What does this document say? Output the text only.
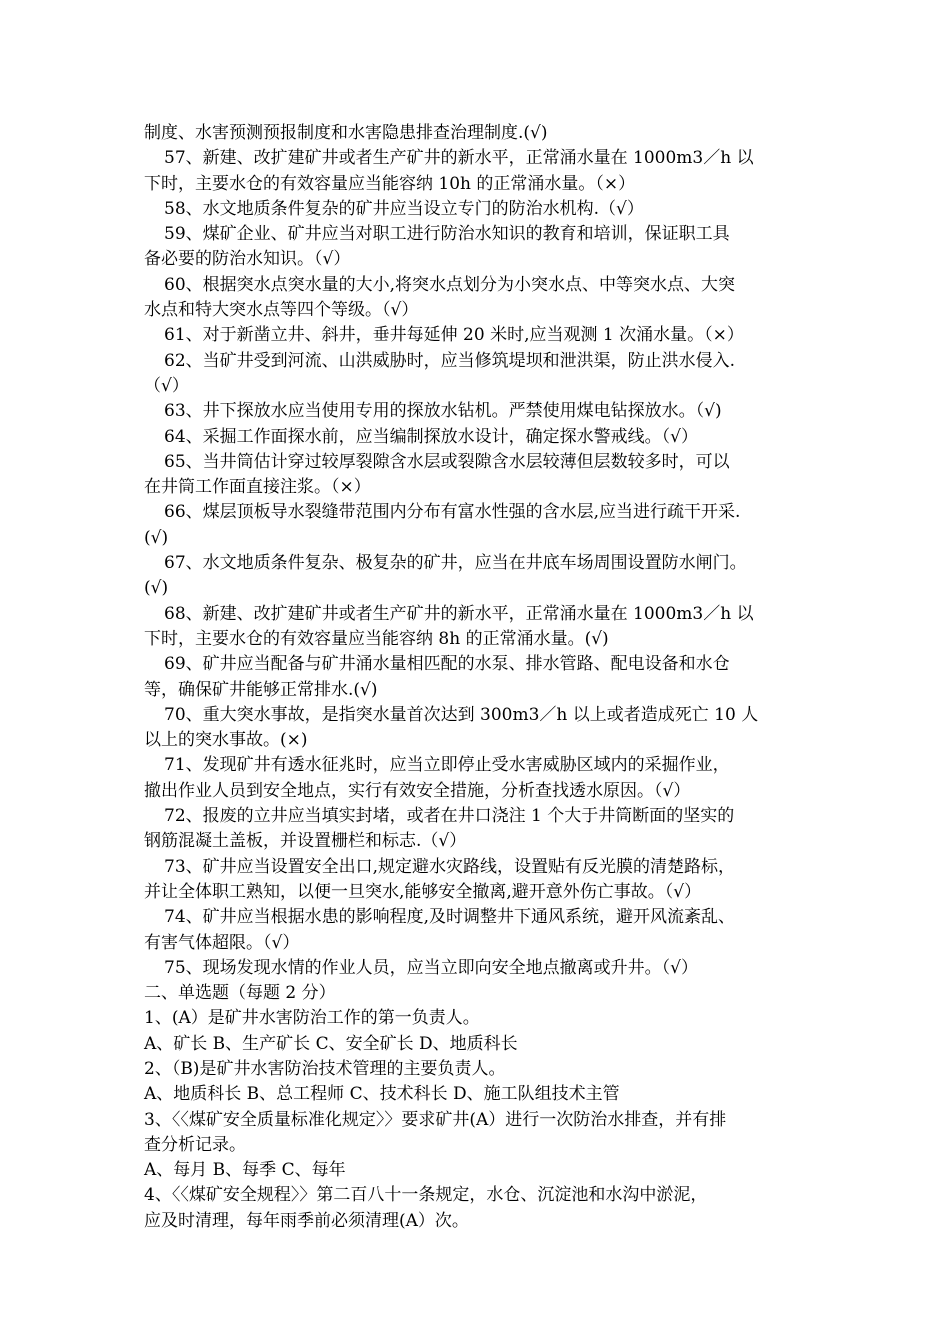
制度、水害预测预报制度和水害隐患排查治理制度.(√)
57、新建、改扩建矿井或者生产矿井的新水平，正常涌水量在 1000m3／h 以
下时，主要水仓的有效容量应当能容纳 10h 的正常涌水量。（×）
58、水文地质条件复杂的矿井应当设立专门的防治水机构.（√）
59、煤矿企业、矿井应当对职工进行防治水知识的教育和培训，保证职工具
备必要的防治水知识。（√）
60、根据突水点突水量的大小,将突水点划分为小突水点、中等突水点、大突
水点和特大突水点等四个等级。（√）
61、对于新凿立井、斜井，垂井每延伸 20 米时,应当观测 1 次涌水量。（×）
62、当矿井受到河流、山洪威胁时，应当修筑堤坝和泄洪渠，防止洪水侵入.
（√）
63、井下探放水应当使用专用的探放水钻机。严禁使用煤电钻探放水。（√)
64、采掘工作面探水前，应当编制探放水设计，确定探水警戒线。（√）
65、当井筒估计穿过较厚裂隙含水层或裂隙含水层较薄但层数较多时，可以
在井筒工作面直接注浆。（×）
66、煤层顶板导水裂缝带范围内分布有富水性强的含水层,应当进行疏干开采.
(√)
67、水文地质条件复杂、极复杂的矿井，应当在井底车场周围设置防水闸门。
(√)
68、新建、改扩建矿井或者生产矿井的新水平，正常涌水量在 1000m3／h 以
下时，主要水仓的有效容量应当能容纳 8h 的正常涌水量。(√)
69、矿井应当配备与矿井涌水量相匹配的水泵、排水管路、配电设备和水仓
等，确保矿井能够正常排水.(√)
70、重大突水事故，是指突水量首次达到 300m3／h 以上或者造成死亡 10 人
以上的突水事故。(×)
71、发现矿井有透水征兆时，应当立即停止受水害威胁区域内的采掘作业，
撤出作业人员到安全地点，实行有效安全措施，分析查找透水原因。（√）
72、报废的立井应当填实封堵，或者在井口浇注 1 个大于井筒断面的坚实的
钢筋混凝土盖板，并设置栅栏和标志.（√）
73、矿井应当设置安全出口,规定避水灾路线，设置贴有反光膜的清楚路标，
并让全体职工熟知，以便一旦突水,能够安全撤离,避开意外伤亡事故。（√）
74、矿井应当根据水患的影响程度,及时调整井下通风系统，避开风流紊乱、
有害气体超限。（√）
75、现场发现水情的作业人员，应当立即向安全地点撤离或升井。（√）
二、单选题（每题 2 分）
1、(A）是矿井水害防治工作的第一负责人。
A、矿长 B、生产矿长 C、安全矿长 D、地质科长
2、（B)是矿井水害防治技术管理的主要负责人。
A、地质科长 B、总工程师 C、技术科长 D、施工队组技术主管
3、〈〈煤矿安全质量标准化规定〉〉要求矿井(A）进行一次防治水排查，并有排
查分析记录。
A、每月 B、每季 C、每年
4、〈〈煤矿安全规程〉〉第二百八十一条规定，水仓、沉淀池和水沟中淤泥，
应及时清理，每年雨季前必须清理(A）次。
